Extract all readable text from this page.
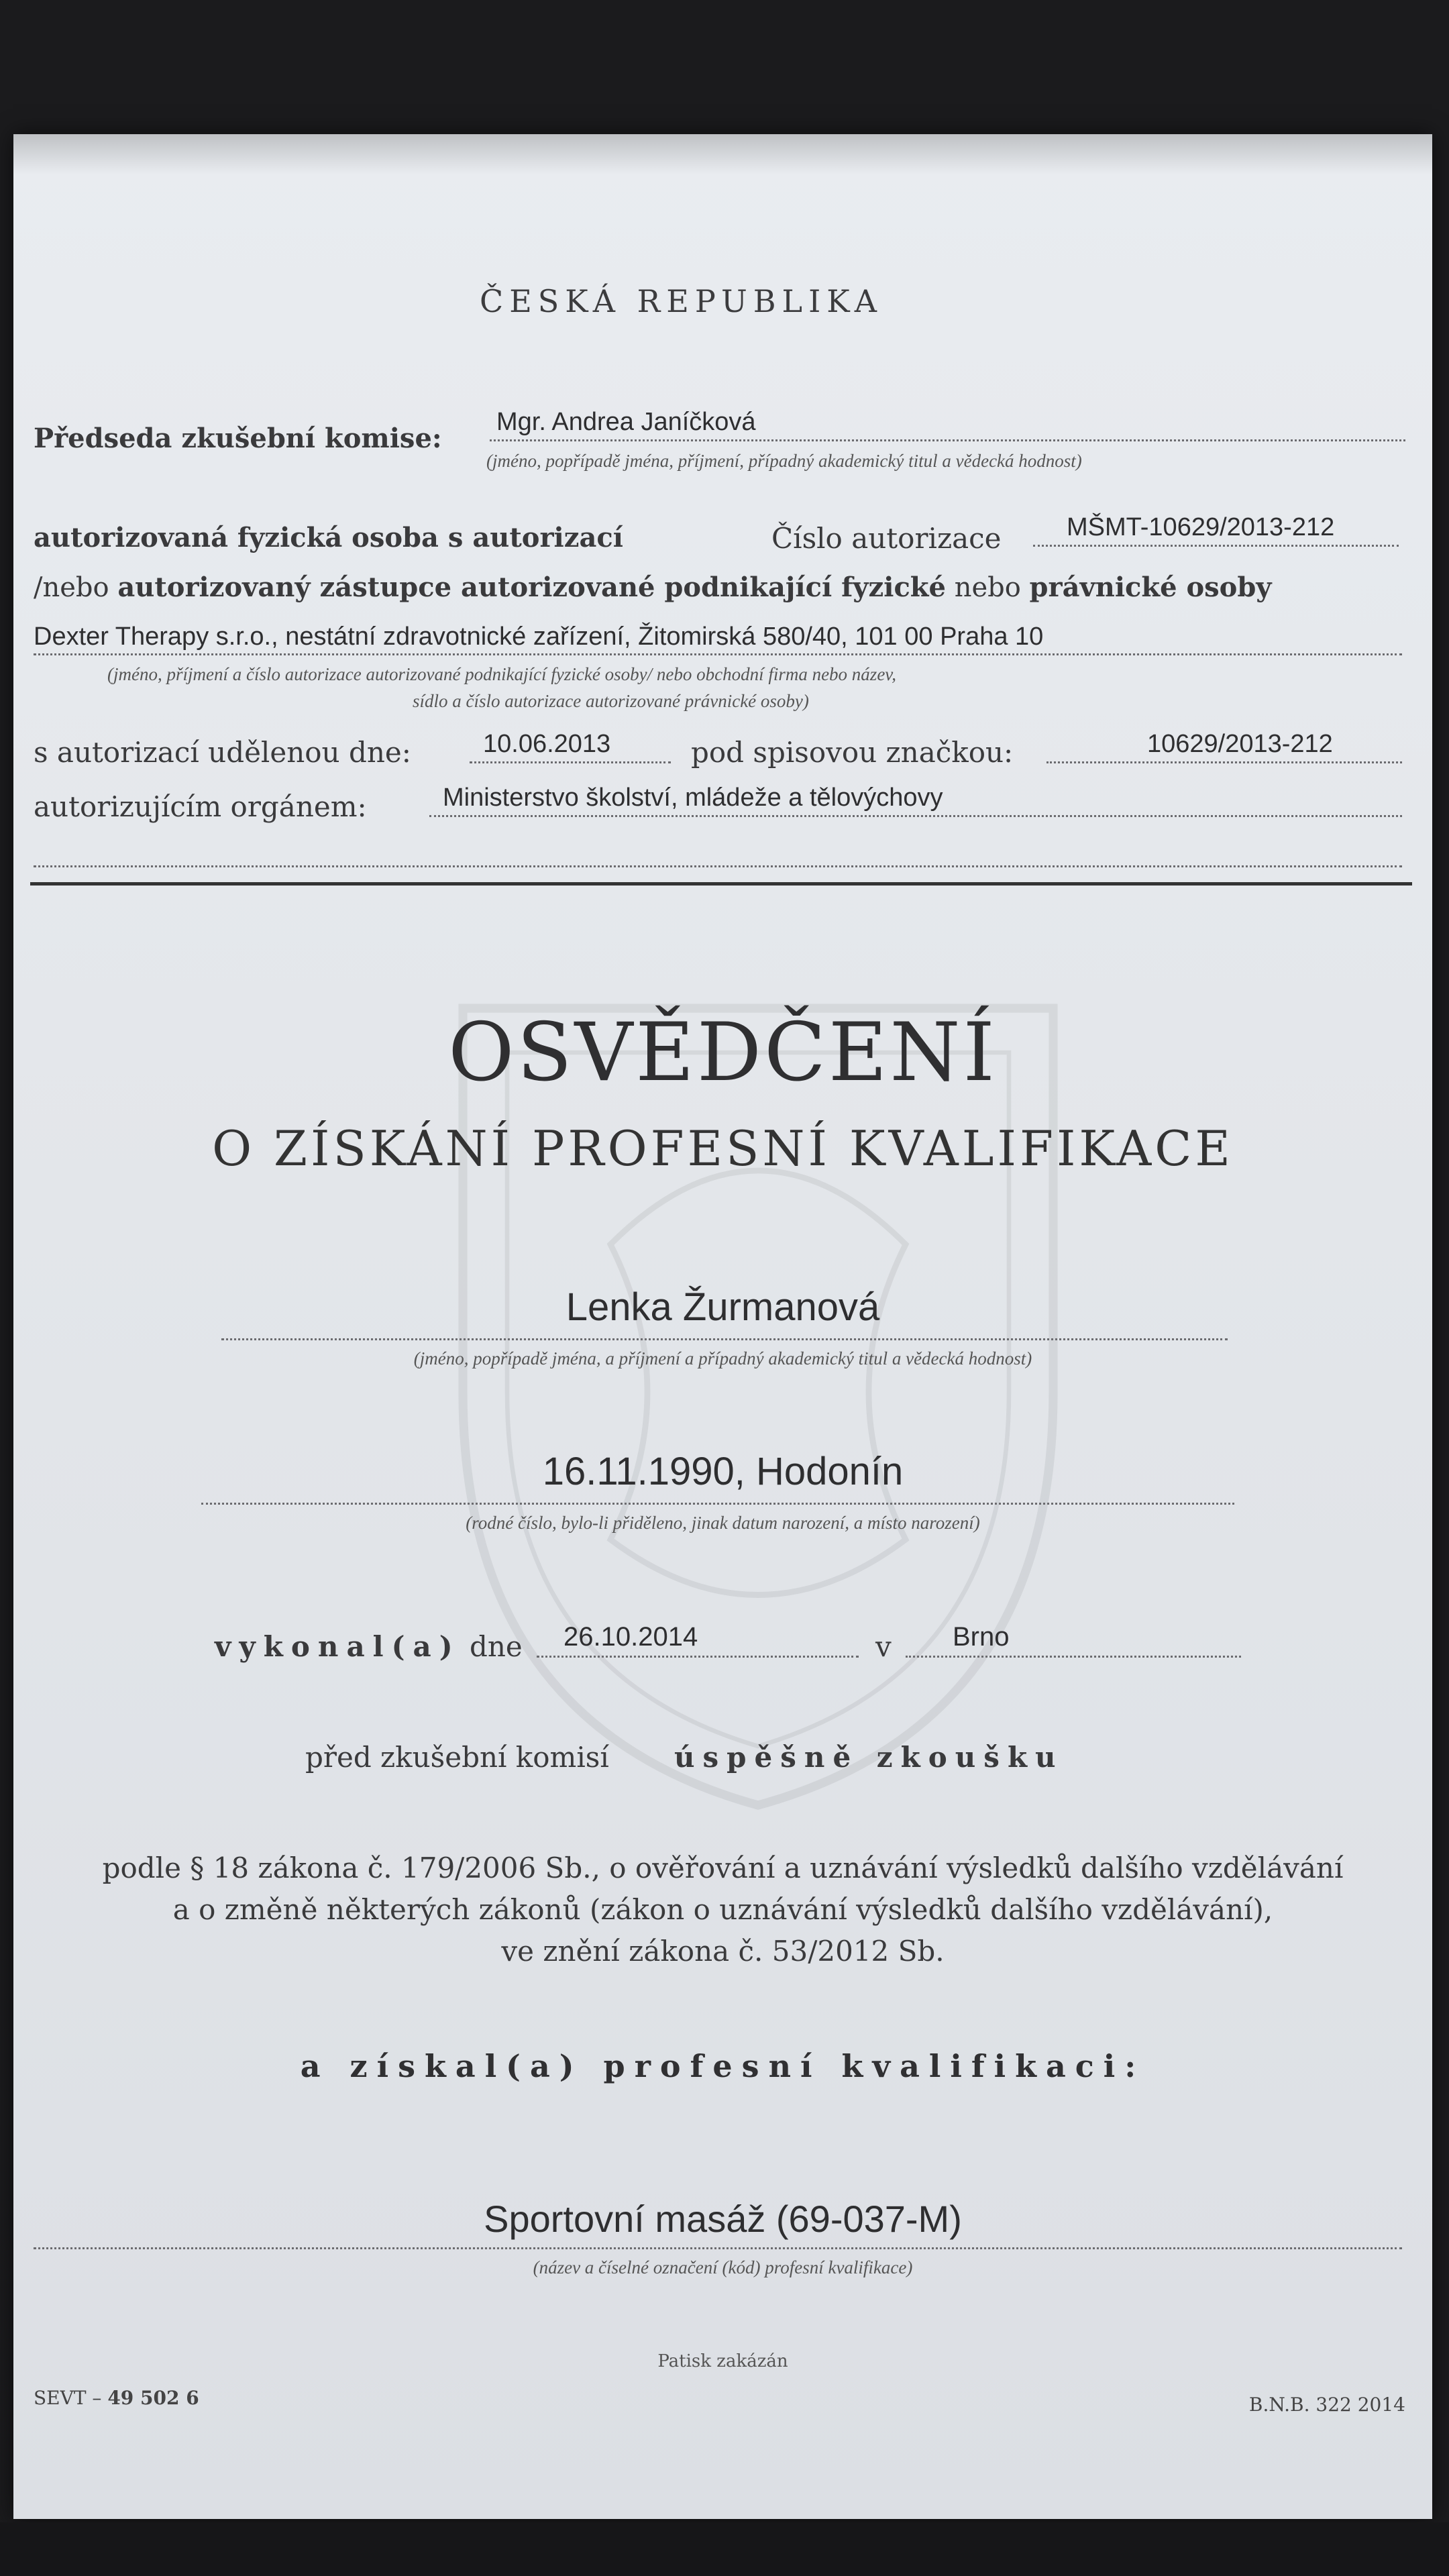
ČESKÁ REPUBLIKA
Předseda zkušební komise:
Mgr. Andrea Janíčková
(jméno, popřípadě jména, příjmení, případný akademický titul a vědecká hodnost)
autorizovaná fyzická osoba s autorizací	Číslo autorizace	MŠMT-10629/2013-212
/nebo autorizovaný zástupce autorizované podnikající fyzické nebo právnické osoby
Dexter Therapy s.r.o., nestátní zdravotnické zařízení, Žitomirská 580/40, 101 00 Praha 10
(jméno, příjmení a číslo autorizace autorizované podnikající fyzické osoby/ nebo obchodní firma nebo název,
sídlo a číslo autorizace autorizované právnické osoby)
s autorizací udělenou dne:	10.06.2013	pod spisovou značkou:	10629/2013-212
autorizujícím orgánem:	Ministerstvo školství, mládeže a tělovýchovy
OSVĚDČENÍ
O ZÍSKÁNÍ PROFESNÍ KVALIFIKACE
Lenka Žurmanová
(jméno, popřípadě jména, a příjmení a případný akademický titul a vědecká hodnost)
16.11.1990, Hodonín
(rodné číslo, bylo-li přiděleno, jinak datum narození, a místo narození)
vykonal(a) dne 26.10.2014	v Brno
před zkušební komisí úspěšně zkoušku
podle § 18 zákona č. 179/2006 Sb., o ověřování a uznávání výsledků dalšího vzdělávání
a o změně některých zákonů (zákon o uznávání výsledků dalšího vzdělávání),
ve znění zákona č. 53/2012 Sb.
a získal(a) profesní kvalifikaci:
Sportovní masáž (69-037-M)
(název a číselné označení (kód) profesní kvalifikace)
Patisk zakázán
SEVT – 49 502 6	B.N.B. 322 2014
